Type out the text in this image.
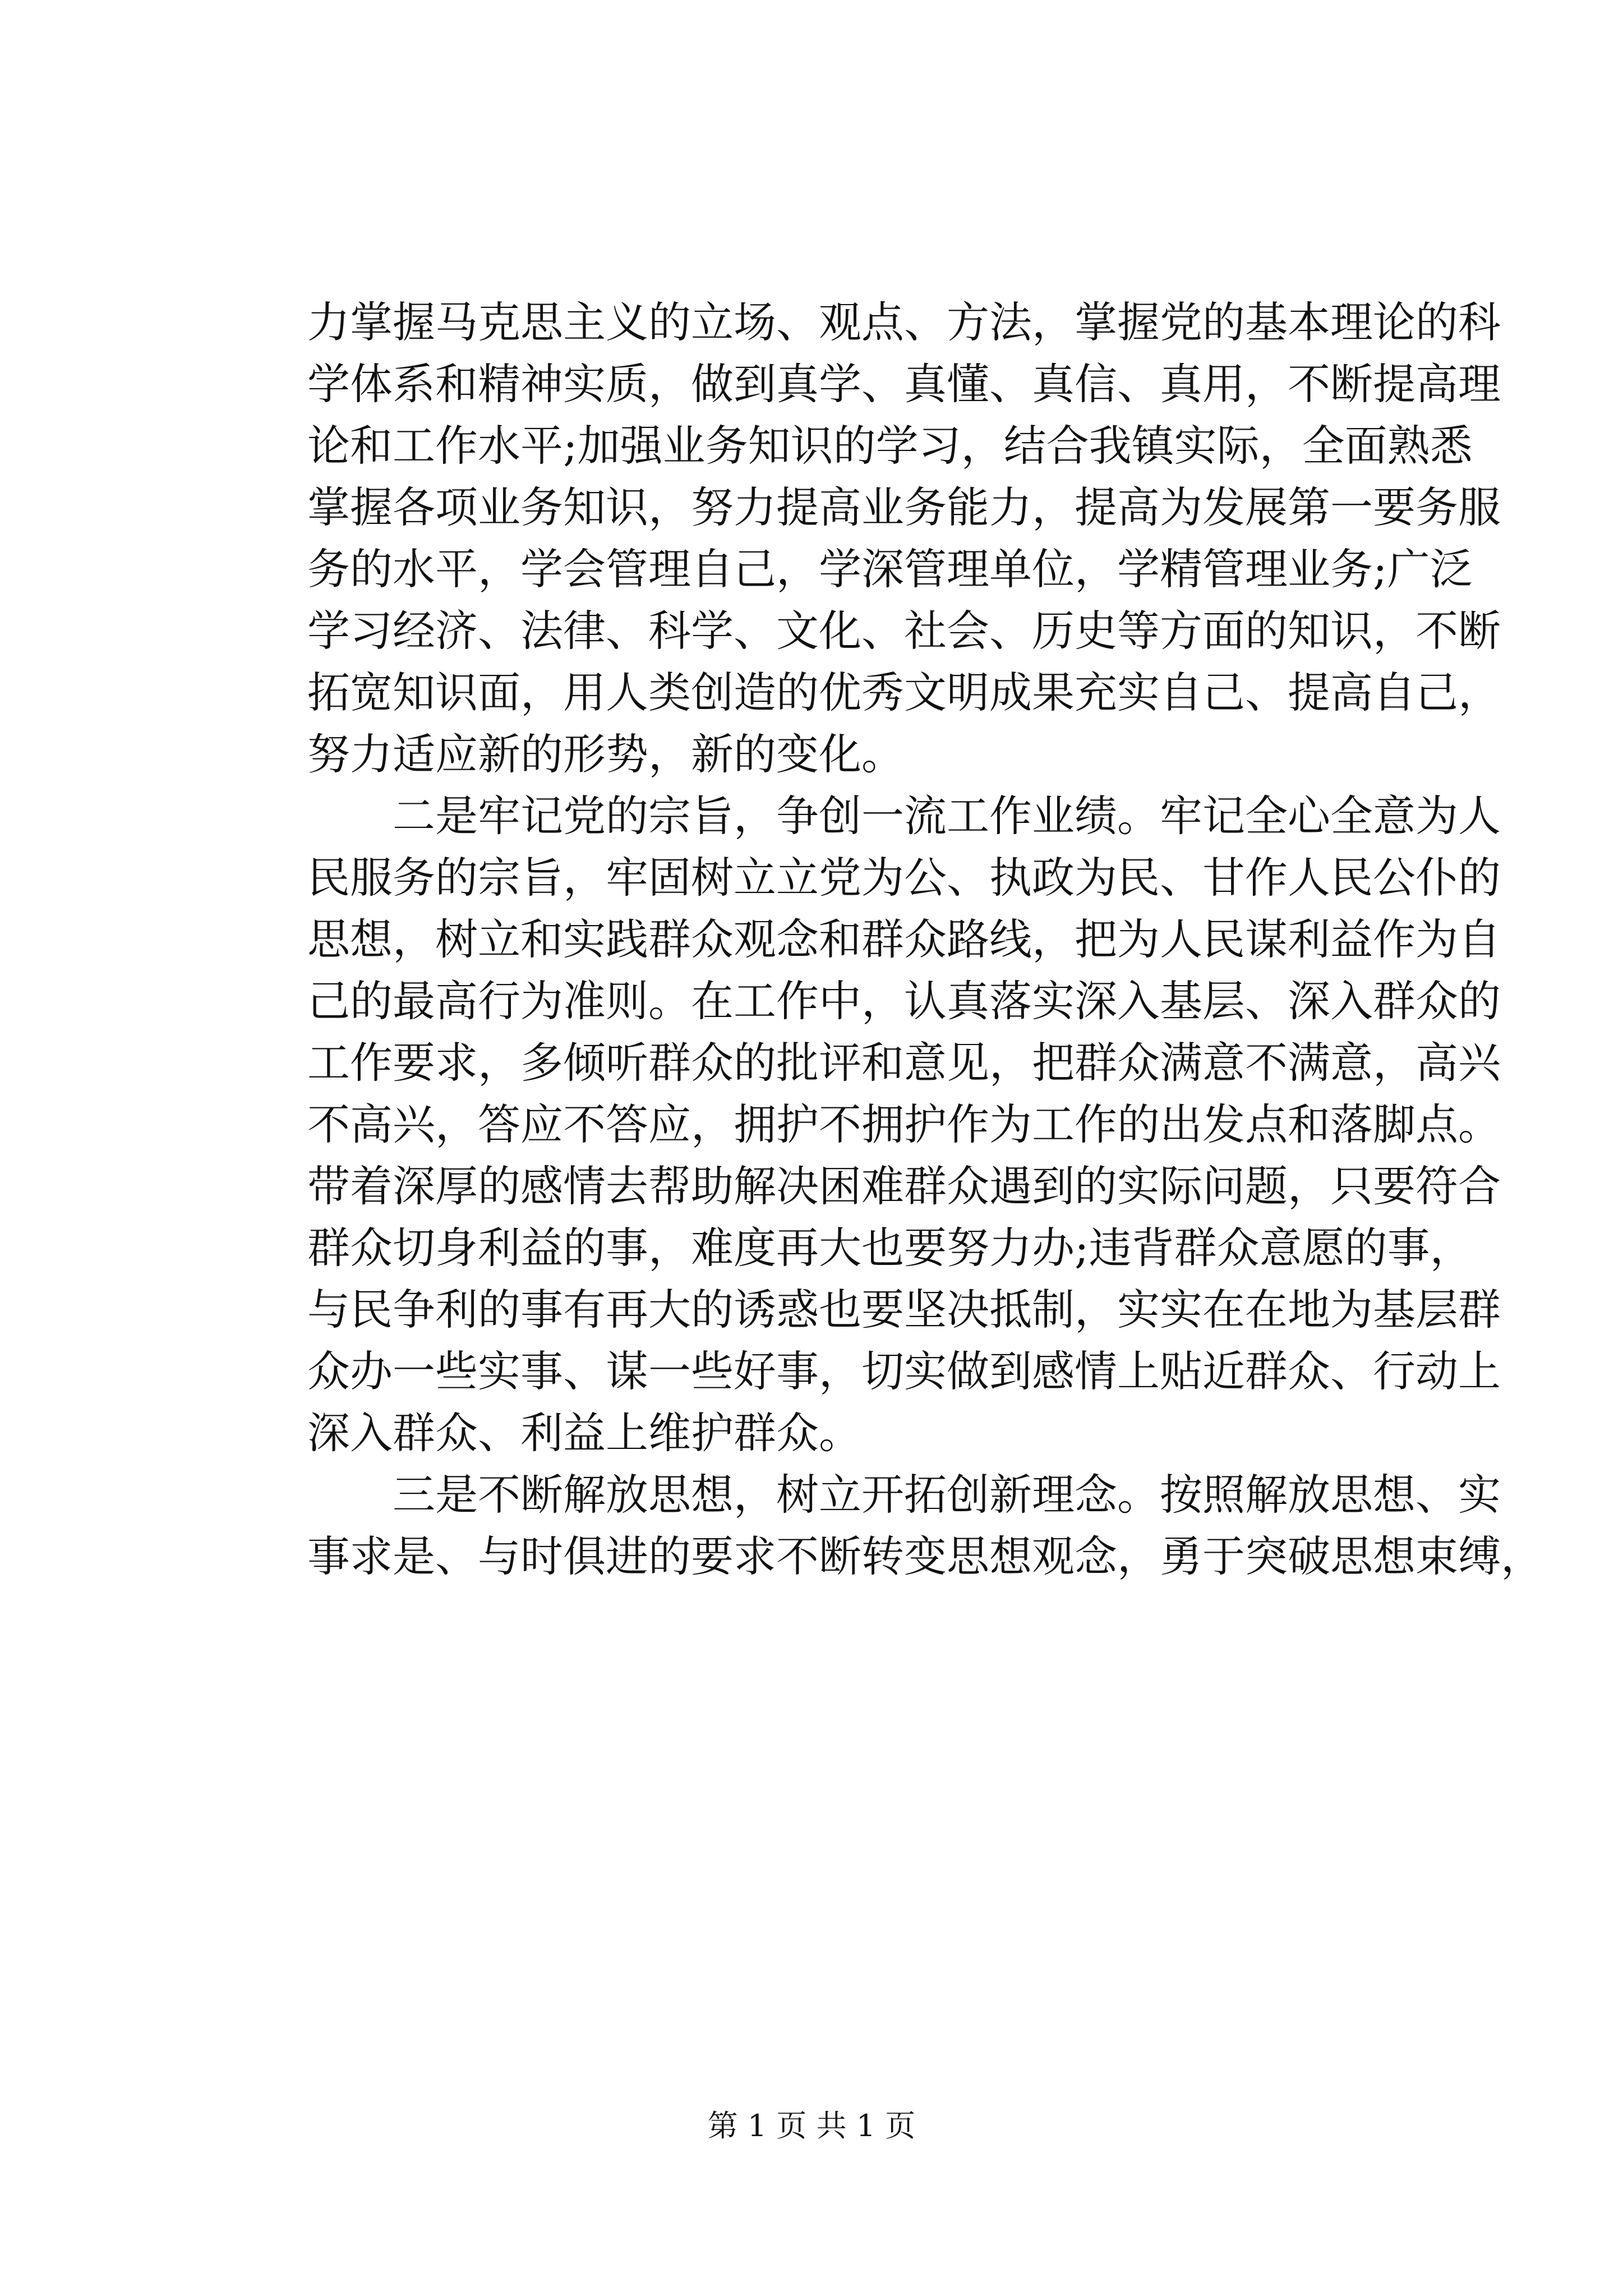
力掌握马克思主义的立场、观点、方法，掌握党的基本理论的科
学体系和精神实质，做到真学、真懂、真信、真用，不断提高理
论和工作水平;加强业务知识的学习，结合我镇实际，全面熟悉
掌握各项业务知识，努力提高业务能力，提高为发展第一要务服
务的水平，学会管理自己，学深管理单位，学精管理业务;广泛
学习经济、法律、科学、文化、社会、历史等方面的知识，不断
拓宽知识面，用人类创造的优秀文明成果充实自己、提高自己，
努力适应新的形势，新的变化。
二是牢记党的宗旨，争创一流工作业绩。牢记全心全意为人
民服务的宗旨，牢固树立立党为公、执政为民、甘作人民公仆的
思想，树立和实践群众观念和群众路线，把为人民谋利益作为自
己的最高行为准则。在工作中，认真落实深入基层、深入群众的
工作要求，多倾听群众的批评和意见，把群众满意不满意，高兴
不高兴，答应不答应，拥护不拥护作为工作的出发点和落脚点。
带着深厚的感情去帮助解决困难群众遇到的实际问题，只要符合
群众切身利益的事，难度再大也要努力办;违背群众意愿的事，
与民争利的事有再大的诱惑也要坚决抵制，实实在在地为基层群
众办一些实事、谋一些好事，切实做到感情上贴近群众、行动上
深入群众、利益上维护群众。
三是不断解放思想，树立开拓创新理念。按照解放思想、实
事求是、与时俱进的要求不断转变思想观念，勇于突破思想束缚，
第 1 页 共 1 页
